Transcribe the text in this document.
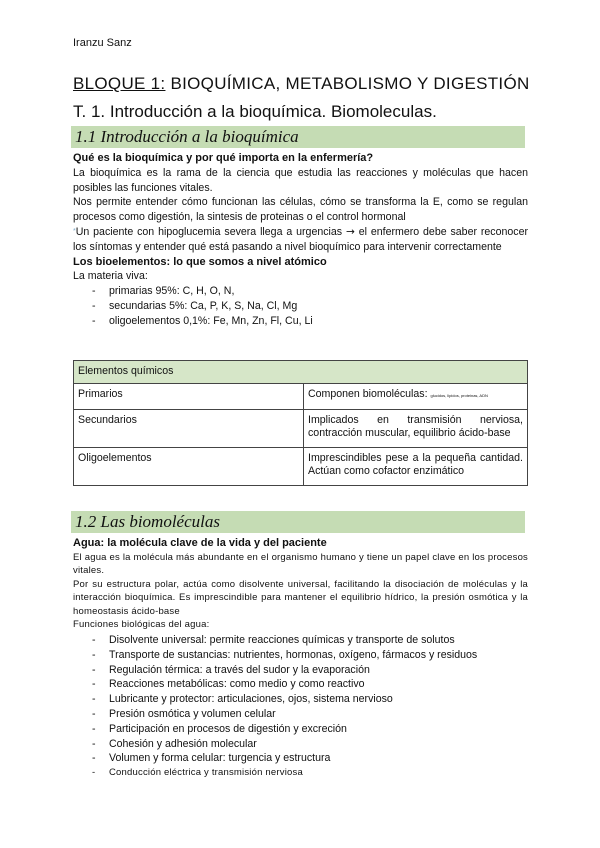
Iranzu Sanz
BLOQUE 1: BIOQUÍMICA, METABOLISMO Y DIGESTIÓN
T. 1. Introducción a la bioquímica. Biomoleculas.
1.1 Introducción a la bioquímica

Qué es la bioquímica y por qué importa en la enfermería?

La bioquímica es la rama de la ciencia que estudia las reacciones y moléculas que hacen posibles las funciones vitales.

Nos permite entender cómo funcionan las células, cómo se transforma la E, como se regulan procesos como digestión, la sintesis de proteinas o el control hormonal

*Un paciente con hipoglucemia severa llega a urgencias → el enfermero debe saber reconocer los síntomas y entender qué está pasando a nivel bioquímico para intervenir correctamente

Los bioelementos: lo que somos a nivel atómico

La materia viva:

- primarias 95%: C, H, O, N,
- secundarias 5%: Ca, P, K, S, Na, Cl, Mg
- oligoelementos 0,1%: Fe, Mn, Zn, Fl, Cu, Li
Elementos químicos	
Primarios	Componen biomoléculas: glucidos, lipidos, proteinas, ADN
Secundarios	Implicados en transmisión nerviosa, contracción muscular, equilibrio ácido-base
Oligoelementos	Imprescindibles pese a la pequeña cantidad. Actúan como cofactor enzimático
1.2 Las biomoléculas

Agua: la molécula clave de la vida y del paciente

El agua es la molécula más abundante en el organismo humano y tiene un papel clave en los procesos vitales.

Por su estructura polar, actúa como disolvente universal, facilitando la disociación de moléculas y la interacción bioquímica. Es imprescindible para mantener el equilibrio hídrico, la presión osmótica y la homeostasis ácido-base

Funciones biológicas del agua:

- Disolvente universal: permite reacciones químicas y transporte de solutos
- Transporte de sustancias: nutrientes, hormonas, oxígeno, fármacos y residuos
- Regulación térmica: a través del sudor y la evaporación
- Reacciones metabólicas: como medio y como reactivo
- Lubricante y protector: articulaciones, ojos, sistema nervioso
- Presión osmótica y volumen celular
- Participación en procesos de digestión y excreción
- Cohesión y adhesión molecular
- Volumen y forma celular: turgencia y estructura
- Conducción eléctrica y transmisión nerviosa
